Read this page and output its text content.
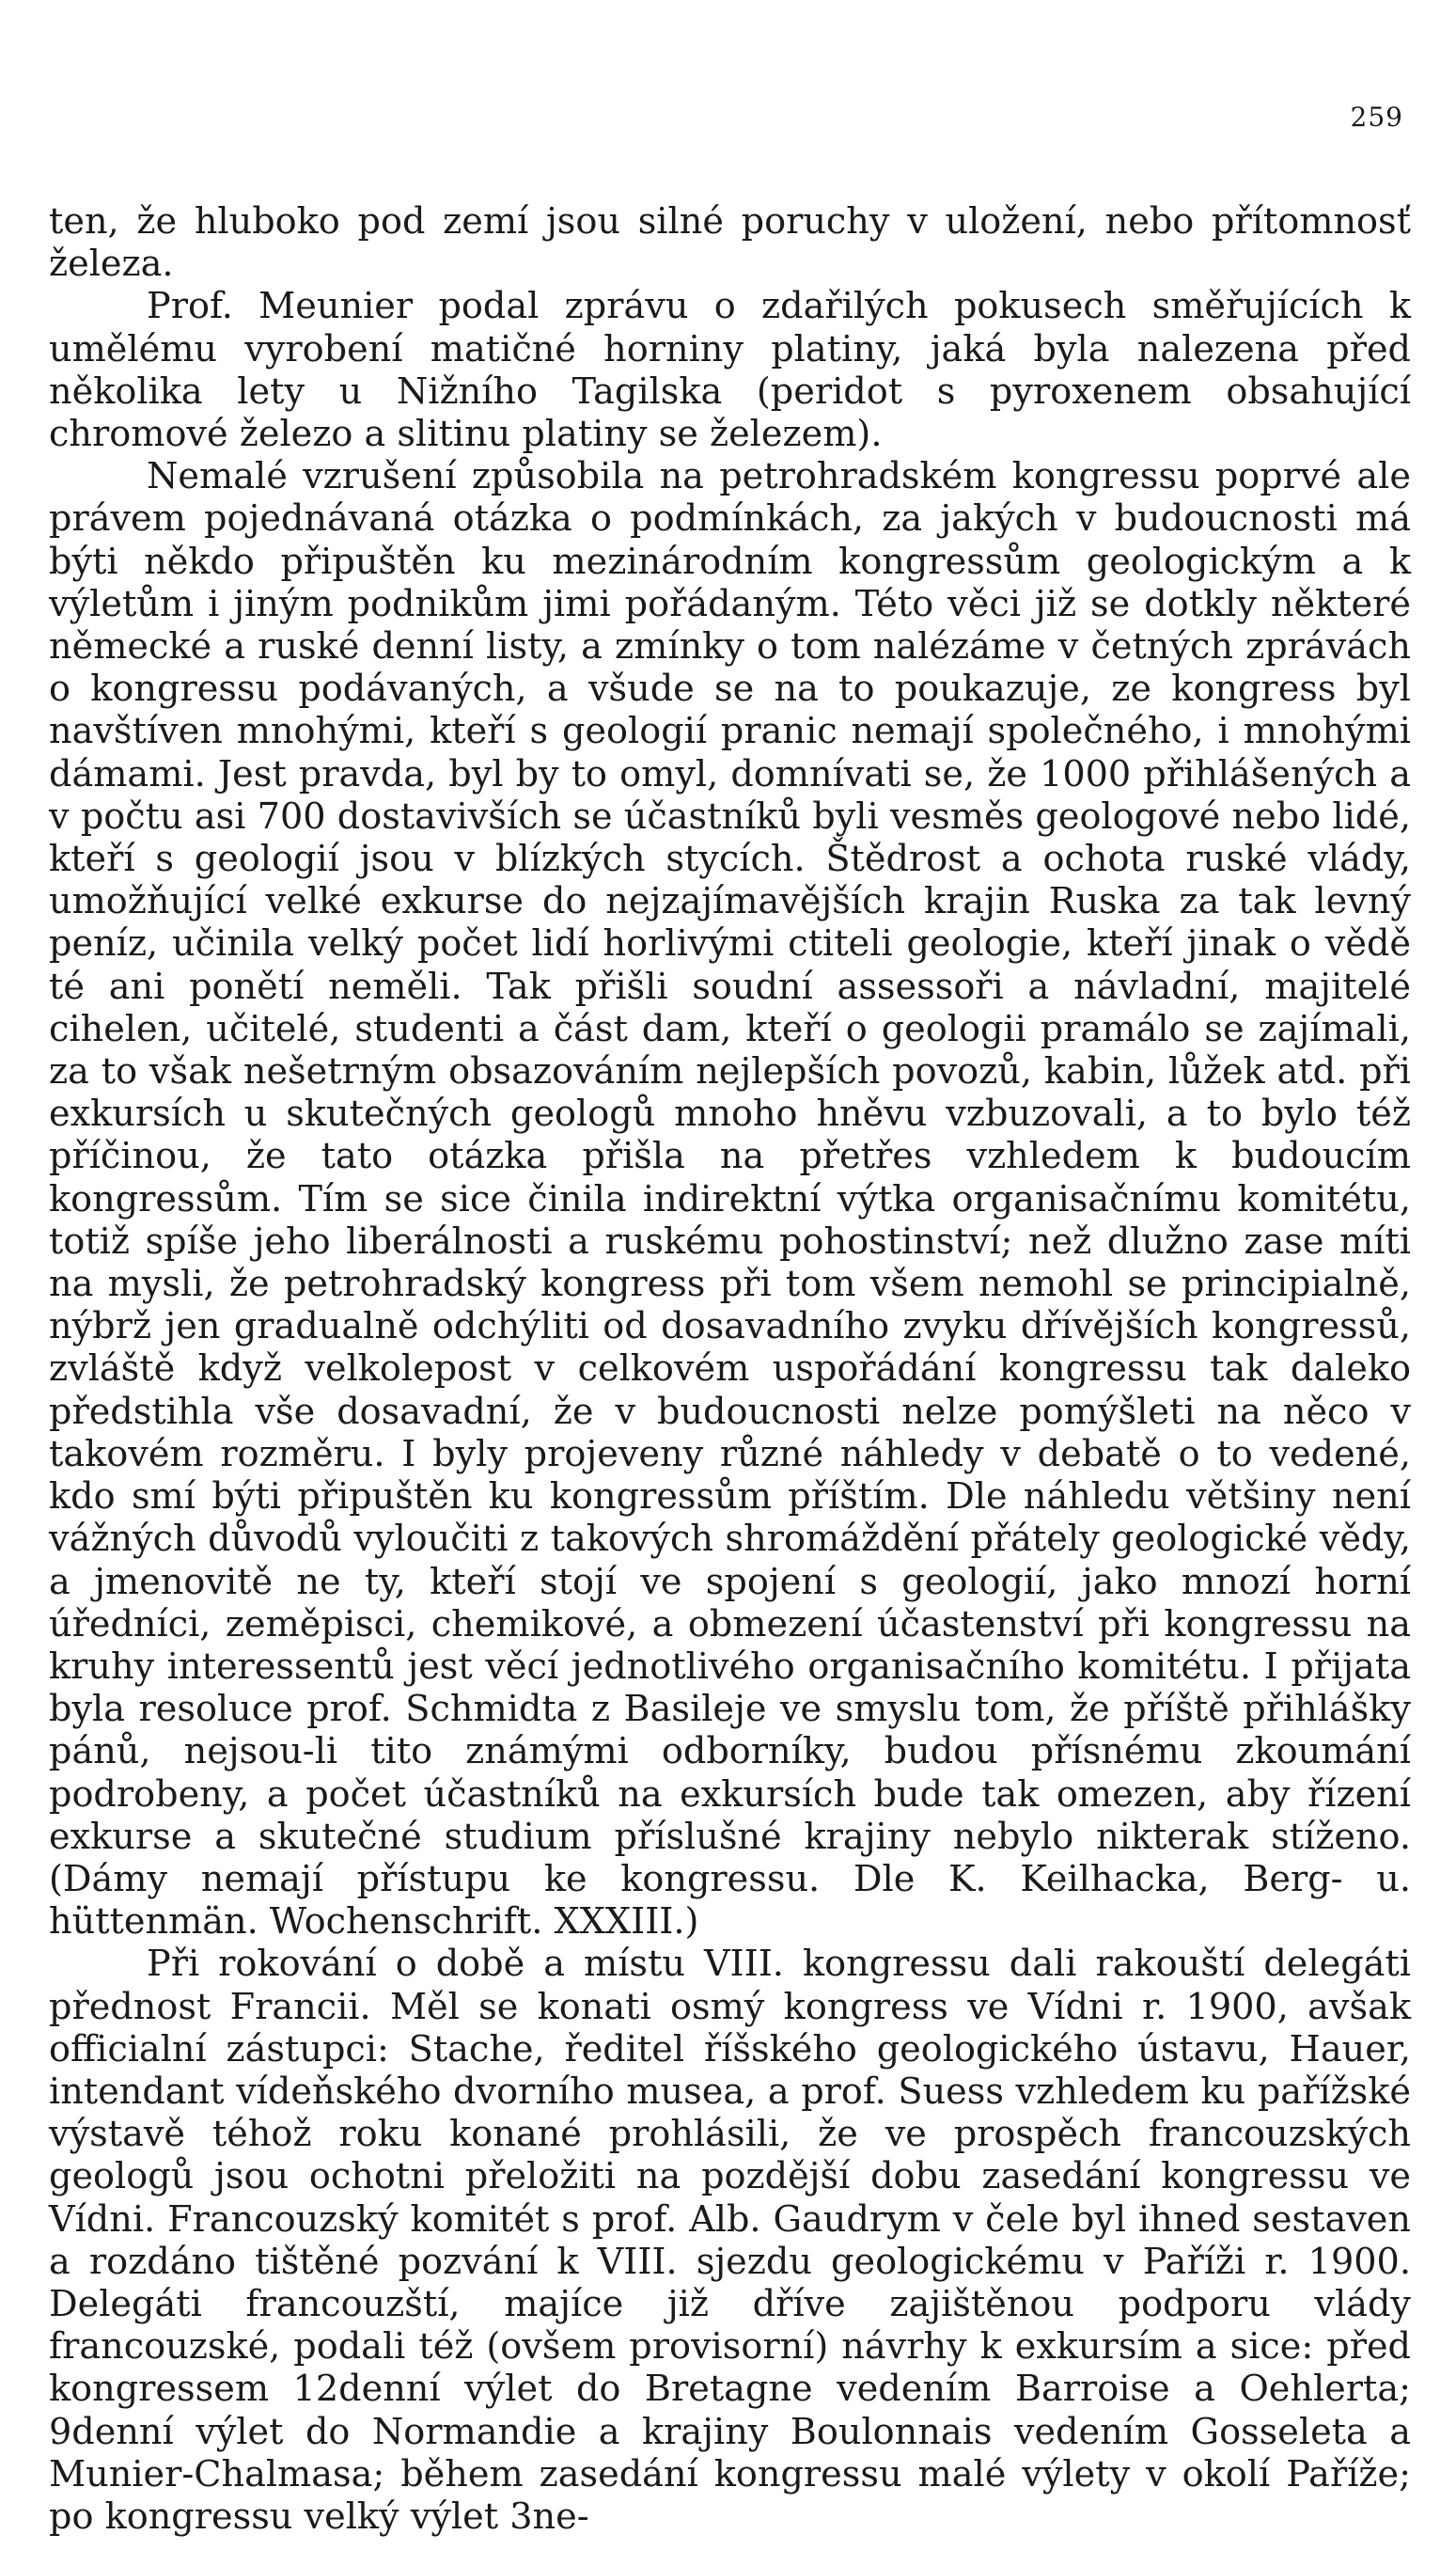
259

ten, že hluboko pod zemí jsou silné poruchy v uložení, nebo přítomnosť železa.

Prof. Meunier podal zprávu o zdařilých pokusech směřujících k umělému vyrobení matičné horniny platiny, jaká byla nalezena před několika lety u Nižního Tagilska (peridot s pyroxenem obsahující chromové železo a slitinu platiny se železem).

Nemalé vzrušení způsobila na petrohradském kongressu poprvé ale právem pojednávaná otázka o podmínkách, za jakých v budoucnosti má býti někdo připuštěn ku mezinárodním kongressům geologickým a k výletům i jiným podnikům jimi pořádaným. Této věci již se dotkly některé německé a ruské denní listy, a zmínky o tom nalézáme v četných zprávách o kongressu podávaných, a všude se na to poukazuje, ze kongress byl navštíven mnohými, kteří s geologií pranic nemají společného, i mnohými dámami. Jest pravda, byl by to omyl, domnívati se, že 1000 přihlášených a v počtu asi 700 dostavivších se účastníků byli vesměs geologové nebo lidé, kteří s geologií jsou v blízkých stycích. Štědrost a ochota ruské vlády, umožňující velké exkurse do nejzajímavějších krajin Ruska za tak levný peníz, učinila velký počet lidí horlivými ctiteli geologie, kteří jinak o vědě té ani ponětí neměli. Tak přišli soudní assessoři a návladní, majitelé cihelen, učitelé, studenti a část dam, kteří o geologii pramálo se zajímali, za to však nešetrným obsazováním nejlepších povozů, kabin, lůžek atd. při exkursích u skutečných geologů mnoho hněvu vzbuzovali, a to bylo též příčinou, že tato otázka přišla na přetřes vzhledem k budoucím kongressům. Tím se sice činila indirektní výtka organisačnímu komitétu, totiž spíše jeho liberálnosti a ruskému pohostinství; než dlužno zase míti na mysli, že petrohradský kongress při tom všem nemohl se principialně, nýbrž jen gradualně odchýliti od dosavadního zvyku dřívějších kongressů, zvláště když velkolepost v celkovém uspořádání kongressu tak daleko předstihla vše dosavadní, že v budoucnosti nelze pomýšleti na něco v takovém rozměru. I byly projeveny různé náhledy v debatě o to vedené, kdo smí býti připuštěn ku kongressům příštím. Dle náhledu většiny není vážných důvodů vyloučiti z takových shromáždění přátely geologické vědy, a jmenovitě ne ty, kteří stojí ve spojení s geologií, jako mnozí horní úředníci, zeměpisci, chemikové, a obmezení účastenství při kongressu na kruhy interessentů jest věcí jednotlivého organisačního komitétu. I přijata byla resoluce prof. Schmidta z Basileje ve smyslu tom, že příště přihlášky pánů, nejsou-li tito známými odborníky, budou přísnému zkoumání podrobeny, a počet účastníků na exkursích bude tak omezen, aby řízení exkurse a skutečné studium příslušné krajiny nebylo nikterak stíženo. (Dámy nemají přístupu ke kongressu. Dle K. Keilhacka, Berg- u. hüttenmän. Wochenschrift. XXXIII.)

Při rokování o době a místu VIII. kongressu dali rakouští delegáti přednost Francii. Měl se konati osmý kongress ve Vídni r. 1900, avšak officialní zástupci: Stache, ředitel říšského geologického ústavu, Hauer, intendant vídeňského dvorního musea, a prof. Suess vzhledem ku pařížské výstavě téhož roku konané prohlásili, že ve prospěch francouzských geologů jsou ochotni přeložiti na pozdější dobu zasedání kongressu ve Vídni. Francouzský komitét s prof. Alb. Gaudrym v čele byl ihned sestaven a rozdáno tištěné pozvání k VIII. sjezdu geologickému v Paříži r. 1900. Delegáti francouzští, majíce již dříve zajištěnou podporu vlády francouzské, podali též (ovšem provisorní) návrhy k exkursím a sice: před kongressem 12denní výlet do Bretagne vedením Barroise a Oehlerta; 9denní výlet do Normandie a krajiny Boulonnais vedením Gosseleta a Munier-Chalmasa; během zasedání kongressu malé výlety v okolí Paříže; po kongressu velký výlet 3ne-
